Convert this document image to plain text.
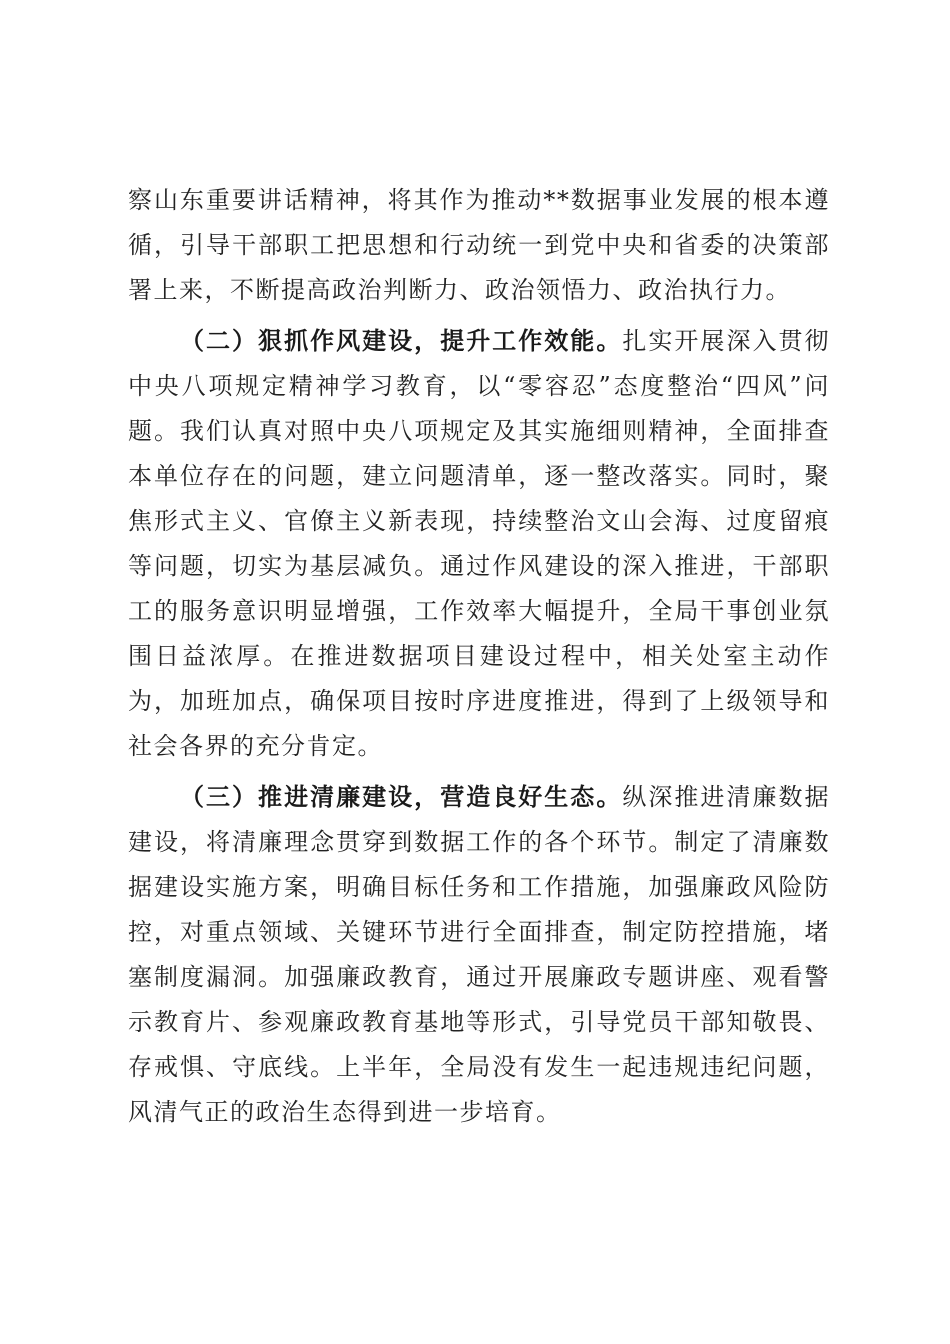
察山东重要讲话精神，将其作为推动**数据事业发展的根本遵循，引导干部职工把思想和行动统一到党中央和省委的决策部署上来，不断提高政治判断力、政治领悟力、政治执行力。

（二）狠抓作风建设，提升工作效能。扎实开展深入贯彻中央八项规定精神学习教育，以“零容忍”态度整治“四风”问题。我们认真对照中央八项规定及其实施细则精神，全面排查本单位存在的问题，建立问题清单，逐一整改落实。同时，聚焦形式主义、官僚主义新表现，持续整治文山会海、过度留痕等问题，切实为基层减负。通过作风建设的深入推进，干部职工的服务意识明显增强，工作效率大幅提升，全局干事创业氛围日益浓厚。在推进数据项目建设过程中，相关处室主动作为，加班加点，确保项目按时序进度推进，得到了上级领导和社会各界的充分肯定。

（三）推进清廉建设，营造良好生态。纵深推进清廉数据建设，将清廉理念贯穿到数据工作的各个环节。制定了清廉数据建设实施方案，明确目标任务和工作措施，加强廉政风险防控，对重点领域、关键环节进行全面排查，制定防控措施，堵塞制度漏洞。加强廉政教育，通过开展廉政专题讲座、观看警示教育片、参观廉政教育基地等形式，引导党员干部知敬畏、存戒惧、守底线。上半年，全局没有发生一起违规违纪问题，风清气正的政治生态得到进一步培育。
